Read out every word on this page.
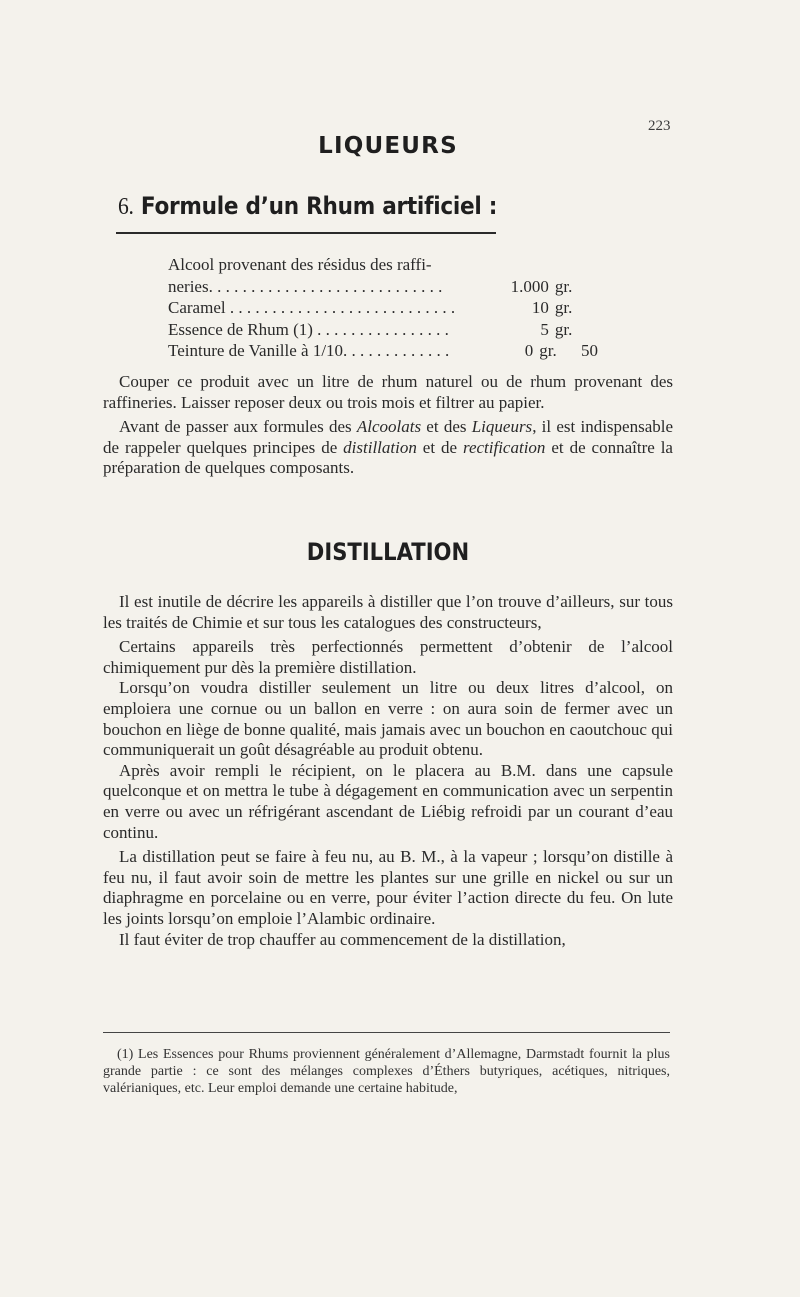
223
LIQUEURS
6. Formule d’un Rhum artificiel :
Alcool provenant des résidus des raffi-
neries. . . . . . . . . . . . . . . . . . . . . . . . . . . .	1.000 gr.
Caramel . . . . . . . . . . . . . . . . . . . . . . . . . . .	10 gr.
Essence de Rhum (1) . . . . . . . . . . . . . . . .	5 gr.
Teinture de Vanille à 1/10. . . . . . . . . . . . .	0 gr.	50

Couper ce produit avec un litre de rhum naturel ou de rhum provenant des raffineries. Laisser reposer deux ou trois mois et filtrer au papier.

Avant de passer aux formules des Alcoolats et des Liqueurs, il est indispensable de rappeler quelques principes de distillation et de rectification et de connaître la préparation de quelques composants.

DISTILLATION

Il est inutile de décrire les appareils à distiller que l’on trouve d’ailleurs, sur tous les traités de Chimie et sur tous les catalogues des constructeurs,

Certains appareils très perfectionnés permettent d’obtenir de l’alcool chimiquement pur dès la première distillation.

Lorsqu’on voudra distiller seulement un litre ou deux litres d’alcool, on emploiera une cornue ou un ballon en verre : on aura soin de fermer avec un bouchon en liège de bonne qualité, mais jamais avec un bouchon en caoutchouc qui communiquerait un goût désagréable au produit obtenu.

Après avoir rempli le récipient, on le placera au B.M. dans une capsule quelconque et on mettra le tube à dégagement en communication avec un serpentin en verre ou avec un réfrigérant ascendant de Liébig refroidi par un courant d’eau continu.

La distillation peut se faire à feu nu, au B. M., à la vapeur ; lorsqu’on distille à feu nu, il faut avoir soin de mettre les plantes sur une grille en nickel ou sur un diaphragme en porcelaine ou en verre, pour éviter l’action directe du feu. On lute les joints lorsqu’on emploie l’Alambic ordinaire.

Il faut éviter de trop chauffer au commencement de la distillation,

(1) Les Essences pour Rhums proviennent généralement d’Allemagne, Darmstadt fournit la plus grande partie : ce sont des mélanges complexes d’Éthers butyriques, acétiques, nitriques, valérianiques, etc. Leur emploi demande une certaine habitude,
